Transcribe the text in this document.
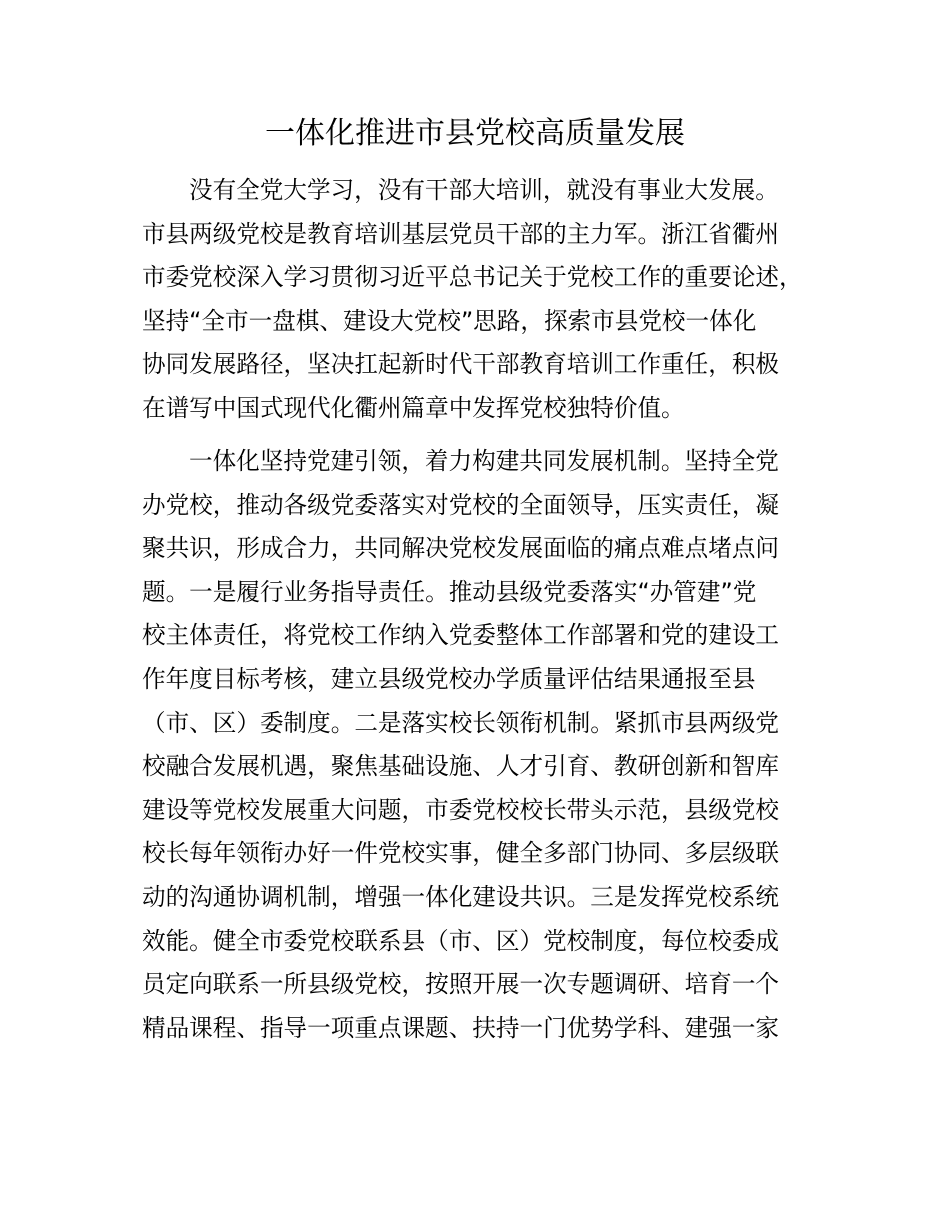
一体化推进市县党校高质量发展
没有全党大学习，没有干部大培训，就没有事业大发展。
市县两级党校是教育培训基层党员干部的主力军。浙江省衢州
市委党校深入学习贯彻习近平总书记关于党校工作的重要论述，
坚持“全市一盘棋、建设大党校”思路，探索市县党校一体化
协同发展路径，坚决扛起新时代干部教育培训工作重任，积极
在谱写中国式现代化衢州篇章中发挥党校独特价值。
一体化坚持党建引领，着力构建共同发展机制。坚持全党
办党校，推动各级党委落实对党校的全面领导，压实责任，凝
聚共识，形成合力，共同解决党校发展面临的痛点难点堵点问
题。一是履行业务指导责任。推动县级党委落实“办管建”党
校主体责任，将党校工作纳入党委整体工作部署和党的建设工
作年度目标考核，建立县级党校办学质量评估结果通报至县
（市、区）委制度。二是落实校长领衔机制。紧抓市县两级党
校融合发展机遇，聚焦基础设施、人才引育、教研创新和智库
建设等党校发展重大问题，市委党校校长带头示范，县级党校
校长每年领衔办好一件党校实事，健全多部门协同、多层级联
动的沟通协调机制，增强一体化建设共识。三是发挥党校系统
效能。健全市委党校联系县（市、区）党校制度，每位校委成
员定向联系一所县级党校，按照开展一次专题调研、培育一个
精品课程、指导一项重点课题、扶持一门优势学科、建强一家
